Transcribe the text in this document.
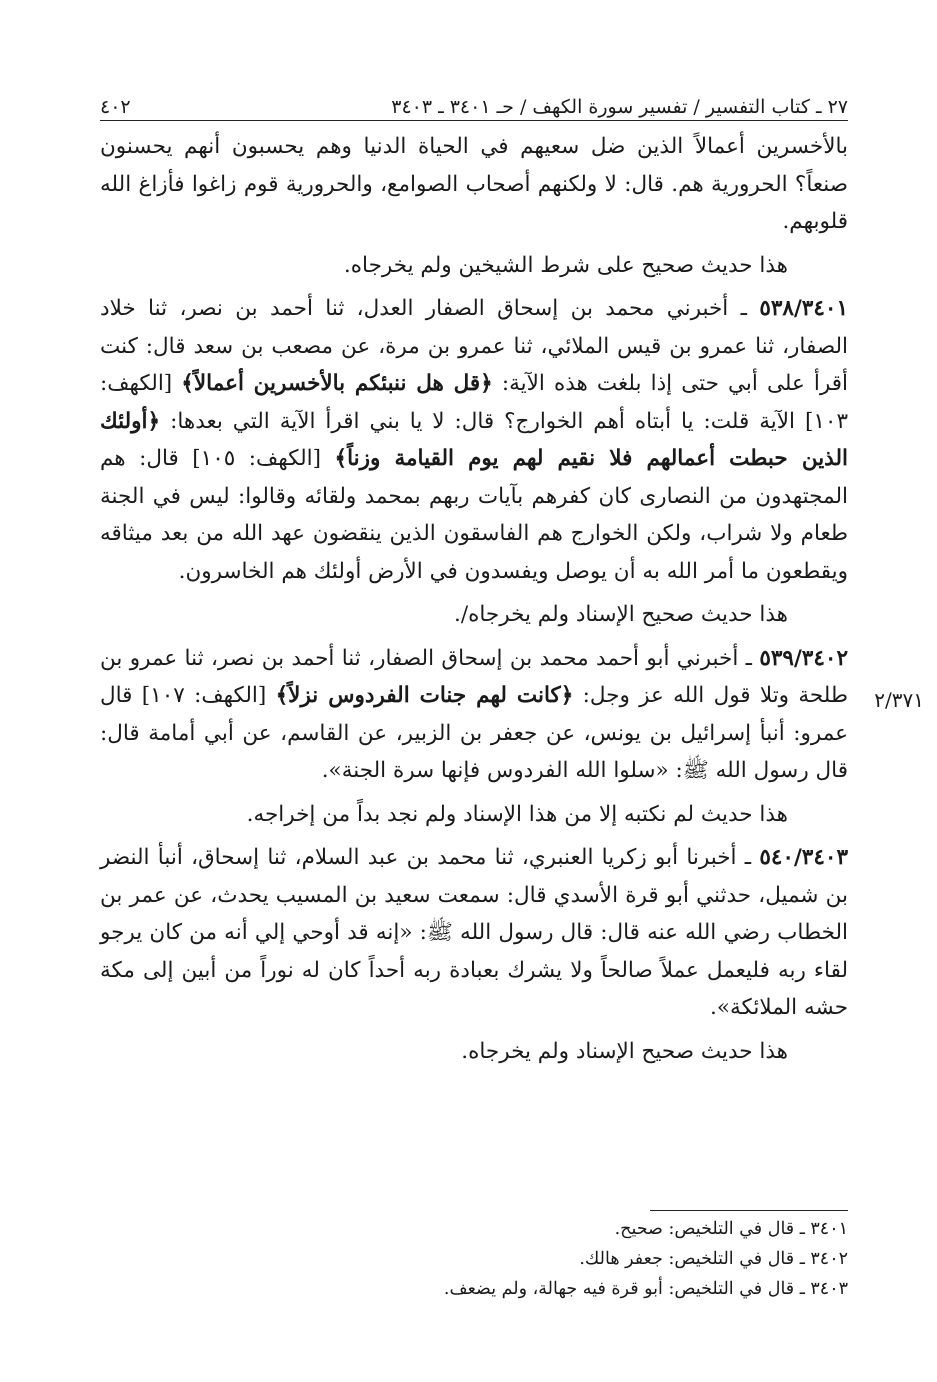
٢٧ ـ كتاب التفسير / تفسير سورة الكهف / حـ ٣٤٠١ ـ ٣٤٠٣
٤٠٢

بالأخسرين أعمالاً الذين ضل سعيهم في الحياة الدنيا وهم يحسبون أنهم يحسنون صنعاً؟ الحرورية هم. قال: لا ولكنهم أصحاب الصوامع، والحرورية قوم زاغوا فأزاغ الله قلوبهم.

هذا حديث صحيح على شرط الشيخين ولم يخرجاه.

٥٣٨/٣٤٠١ ـ أخبرني محمد بن إسحاق الصفار العدل، ثنا أحمد بن نصر، ثنا خلاد الصفار، ثنا عمرو بن قيس الملائي، ثنا عمرو بن مرة، عن مصعب بن سعد قال: كنت أقرأ على أبي حتى إذا بلغت هذه الآية: ﴿قل هل ننبئكم بالأخسرين أعمالاً﴾ [الكهف: ١٠٣] الآية قلت: يا أبتاه أهم الخوارج؟ قال: لا يا بني اقرأ الآية التي بعدها: ﴿أولئك الذين حبطت أعمالهم فلا نقيم لهم يوم القيامة وزناً﴾ [الكهف: ١٠٥] قال: هم المجتهدون من النصارى كان كفرهم بآيات ربهم بمحمد ولقائه وقالوا: ليس في الجنة طعام ولا شراب، ولكن الخوارج هم الفاسقون الذين ينقضون عهد الله من بعد ميثاقه ويقطعون ما أمر الله به أن يوصل ويفسدون في الأرض أولئك هم الخاسرون.

هذا حديث صحيح الإسناد ولم يخرجاه/.

٥٣٩/٣٤٠٢ ـ أخبرني أبو أحمد محمد بن إسحاق الصفار، ثنا أحمد بن نصر، ثنا عمرو بن طلحة وتلا قول الله عز وجل: ﴿كانت لهم جنات الفردوس نزلاً﴾ [الكهف: ١٠٧] قال عمرو: أنبأ إسرائيل بن يونس، عن جعفر بن الزبير، عن القاسم، عن أبي أمامة قال: قال رسول الله ﷺ: «سلوا الله الفردوس فإنها سرة الجنة».

هذا حديث لم نكتبه إلا من هذا الإسناد ولم نجد بداً من إخراجه.

٥٤٠/٣٤٠٣ ـ أخبرنا أبو زكريا العنبري، ثنا محمد بن عبد السلام، ثنا إسحاق، أنبأ النضر بن شميل، حدثني أبو قرة الأسدي قال: سمعت سعيد بن المسيب يحدث، عن عمر بن الخطاب رضي الله عنه قال: قال رسول الله ﷺ: «إنه قد أوحي إلي أنه من كان يرجو لقاء ربه فليعمل عملاً صالحاً ولا يشرك بعبادة ربه أحداً كان له نوراً من أبين إلى مكة حشه الملائكة».

هذا حديث صحيح الإسناد ولم يخرجاه.

٢/٣٧١
٣٤٠١ ـ قال في التلخيص: صحيح.
٣٤٠٢ ـ قال في التلخيص: جعفر هالك.
٣٤٠٣ ـ قال في التلخيص: أبو قرة فيه جهالة، ولم يضعف.
